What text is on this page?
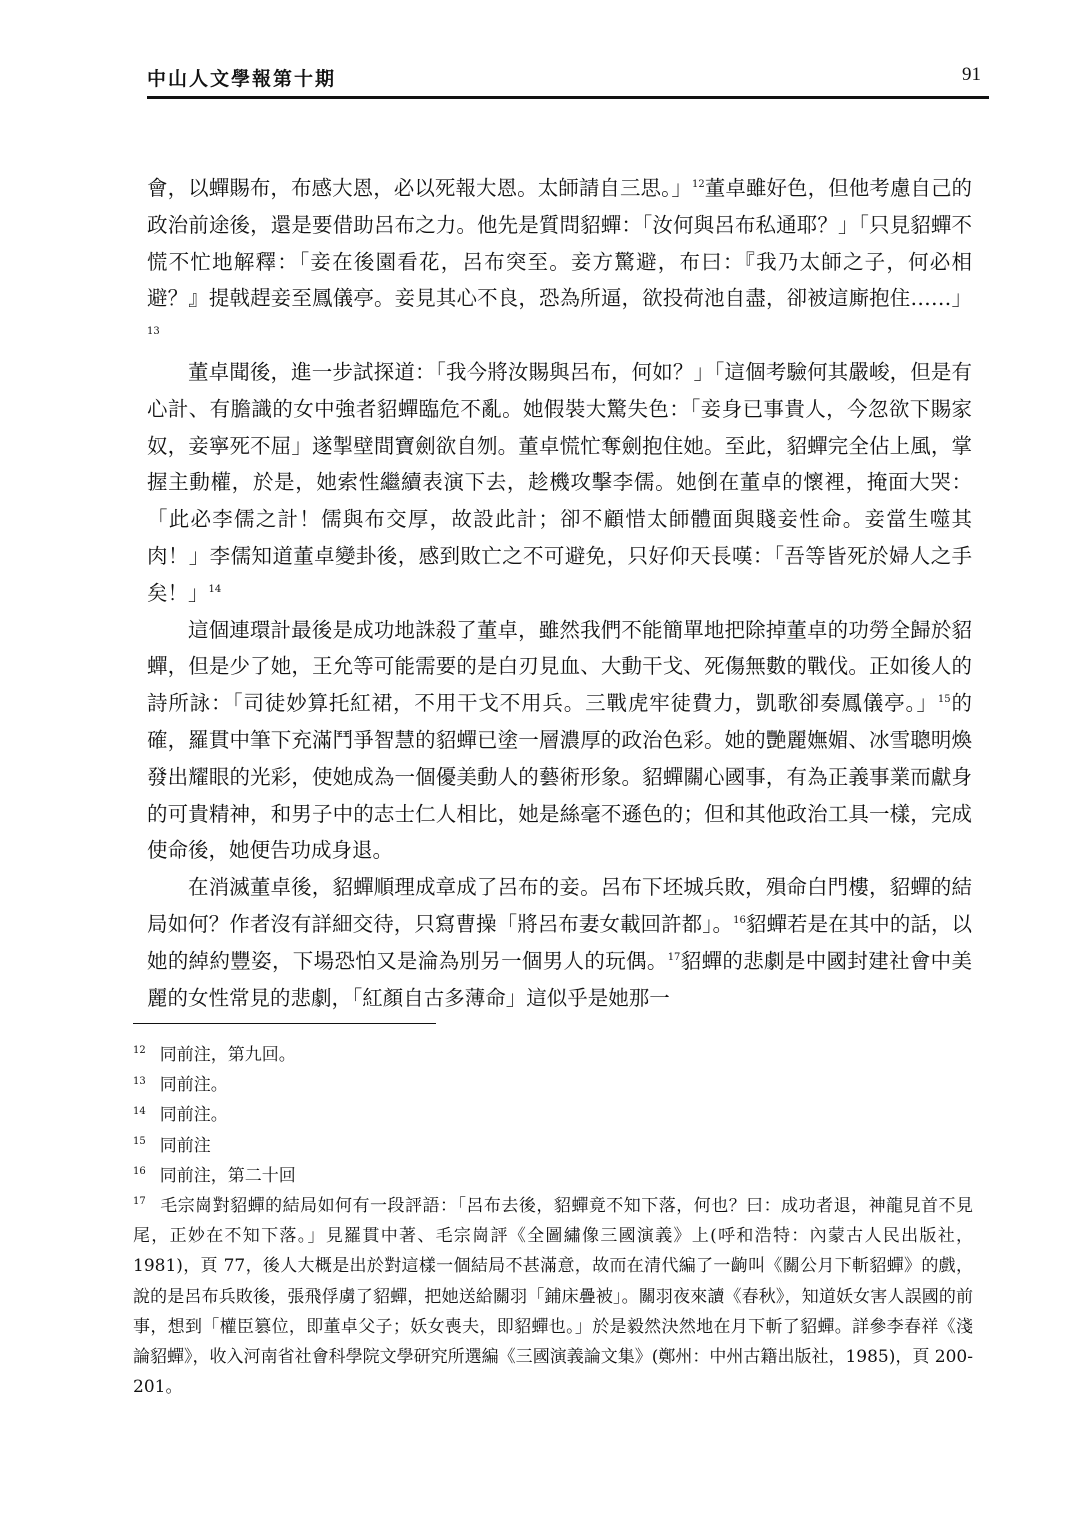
中山人文學報第十期	91

會，以蟬賜布，布感大恩，必以死報大恩。太師請自三思。」$^{12}$董卓雖好色，但他考慮自己的政治前途後，還是要借助呂布之力。他先是質問貂蟬：「汝何與呂布私通耶？」「只見貂蟬不慌不忙地解釋：「妾在後園看花，呂布突至。妾方驚避，布曰：『我乃太師之子，何必相避？』提戟趕妾至鳳儀亭。妾見其心不良，恐為所逼，欲投荷池自盡，卻被這廝抱住……」$^{13}$

董卓聞後，進一步試探道：「我今將汝賜與呂布，何如？」「這個考驗何其嚴峻，但是有心計、有膽識的女中強者貂蟬臨危不亂。她假裝大驚失色：「妾身已事貴人，今忽欲下賜家奴，妾寧死不屈」遂掣壁間寶劍欲自刎。董卓慌忙奪劍抱住她。至此，貂蟬完全佔上風，掌握主動權，於是，她索性繼續表演下去，趁機攻擊李儒。她倒在董卓的懷裡，掩面大哭：「此必李儒之計！儒與布交厚，故設此計；卻不顧惜太師體面與賤妾性命。妾當生噬其肉！」李儒知道董卓變卦後，感到敗亡之不可避免，只好仰天長嘆：「吾等皆死於婦人之手矣！」$^{14}$

這個連環計最後是成功地誅殺了董卓，雖然我們不能簡單地把除掉董卓的功勞全歸於貂蟬，但是少了她，王允等可能需要的是白刃見血、大動干戈、死傷無數的戰伐。正如後人的詩所詠：「司徒妙算托紅裙，不用干戈不用兵。三戰虎牢徒費力，凱歌卻奏鳳儀亭。」$^{15}$的確，羅貫中筆下充滿鬥爭智慧的貂蟬已塗一層濃厚的政治色彩。她的艷麗嫵媚、冰雪聰明煥發出耀眼的光彩，使她成為一個優美動人的藝術形象。貂蟬關心國事，有為正義事業而獻身的可貴精神，和男子中的志士仁人相比，她是絲毫不遜色的；但和其他政治工具一樣，完成使命後，她便告功成身退。

在消滅董卓後，貂蟬順理成章成了呂布的妾。呂布下坯城兵敗，殞命白門樓，貂蟬的結局如何？作者沒有詳細交待，只寫曹操「將呂布妻女載回許都」。$^{16}$貂蟬若是在其中的話，以她的綽約豐姿，下場恐怕又是淪為別另一個男人的玩偶。$^{17}$貂蟬的悲劇是中國封建社會中美麗的女性常見的悲劇，「紅顏自古多薄命」這似乎是她那一

$^{12}$ 同前注，第九回。

$^{13}$ 同前注。

$^{14}$ 同前注。

$^{15}$ 同前注

$^{16}$ 同前注，第二十回

$^{17}$ 毛宗崗對貂蟬的結局如何有一段評語：「呂布去後，貂蟬竟不知下落，何也？曰：成功者退，神龍見首不見尾，正妙在不知下落。」見羅貫中著、毛宗崗評《全圖繡像三國演義》上(呼和浩特：內蒙古人民出版社，1981)，頁 77，後人大概是出於對這樣一個結局不甚滿意，故而在清代編了一齣叫《關公月下斬貂蟬》的戲，說的是呂布兵敗後，張飛俘虜了貂蟬，把她送給關羽「鋪床疊被」。關羽夜來讀《春秋》，知道妖女害人誤國的前事，想到「權臣篡位，即董卓父子；妖女喪夫，即貂蟬也。」於是毅然決然地在月下斬了貂蟬。詳參李春祥《淺論貂蟬》，收入河南省社會科學院文學研究所選編《三國演義論文集》(鄭州：中州古籍出版社，1985)，頁 200-201。
